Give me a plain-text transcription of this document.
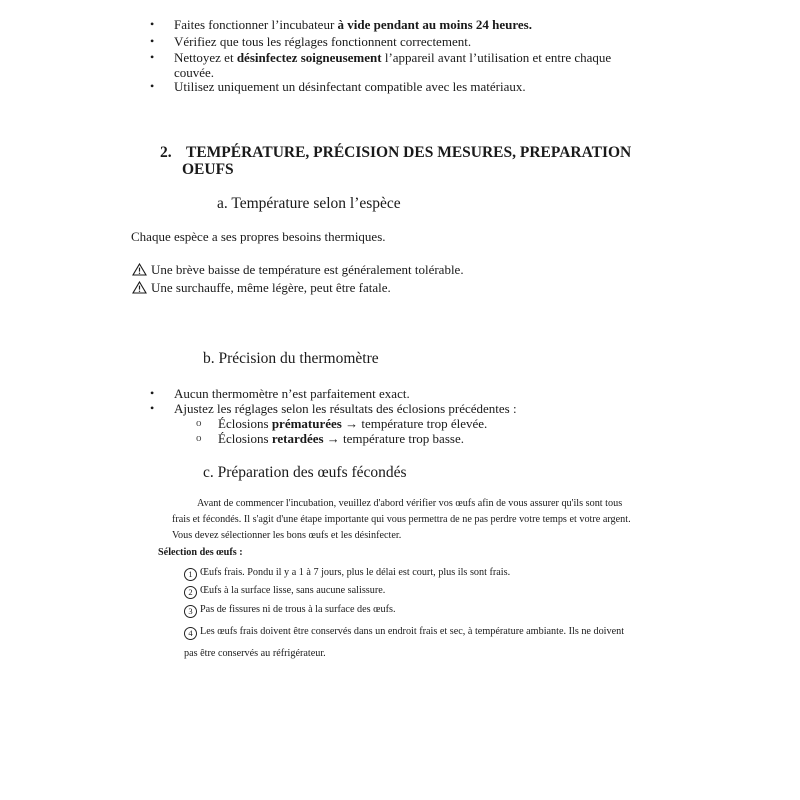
• Faites fonctionner l’incubateur à vide pendant au moins 24 heures.
• Vérifiez que tous les réglages fonctionnent correctement.
• Nettoyez et désinfectez soigneusement l’appareil avant l’utilisation et entre chaque
couvée.
• Utilisez uniquement un désinfectant compatible avec les matériaux.
2. TEMPÉRATURE, PRÉCISION DES MESURES, PREPARATION
OEUFS
a. Température selon l’espèce
Chaque espèce a ses propres besoins thermiques.
Une brève baisse de température est généralement tolérable.
Une surchauffe, même légère, peut être fatale.
b. Précision du thermomètre
• Aucun thermomètre n’est parfaitement exact.
• Ajustez les réglages selon les résultats des éclosions précédentes :
o Éclosions prématurées → température trop élevée.
o Éclosions retardées → température trop basse.
c. Préparation des œufs fécondés
Avant de commencer l'incubation, veuillez d'abord vérifier vos œufs afin de vous assurer qu'ils sont tous
frais et fécondés. Il s'agit d'une étape importante qui vous permettra de ne pas perdre votre temps et votre argent.
Vous devez sélectionner les bons œufs et les désinfecter.
Sélection des œufs :
1 Œufs frais. Pondu il y a 1 à 7 jours, plus le délai est court, plus ils sont frais.
2 Œufs à la surface lisse, sans aucune salissure.
3 Pas de fissures ni de trous à la surface des œufs.
4 Les œufs frais doivent être conservés dans un endroit frais et sec, à température ambiante. Ils ne doivent
pas être conservés au réfrigérateur.
